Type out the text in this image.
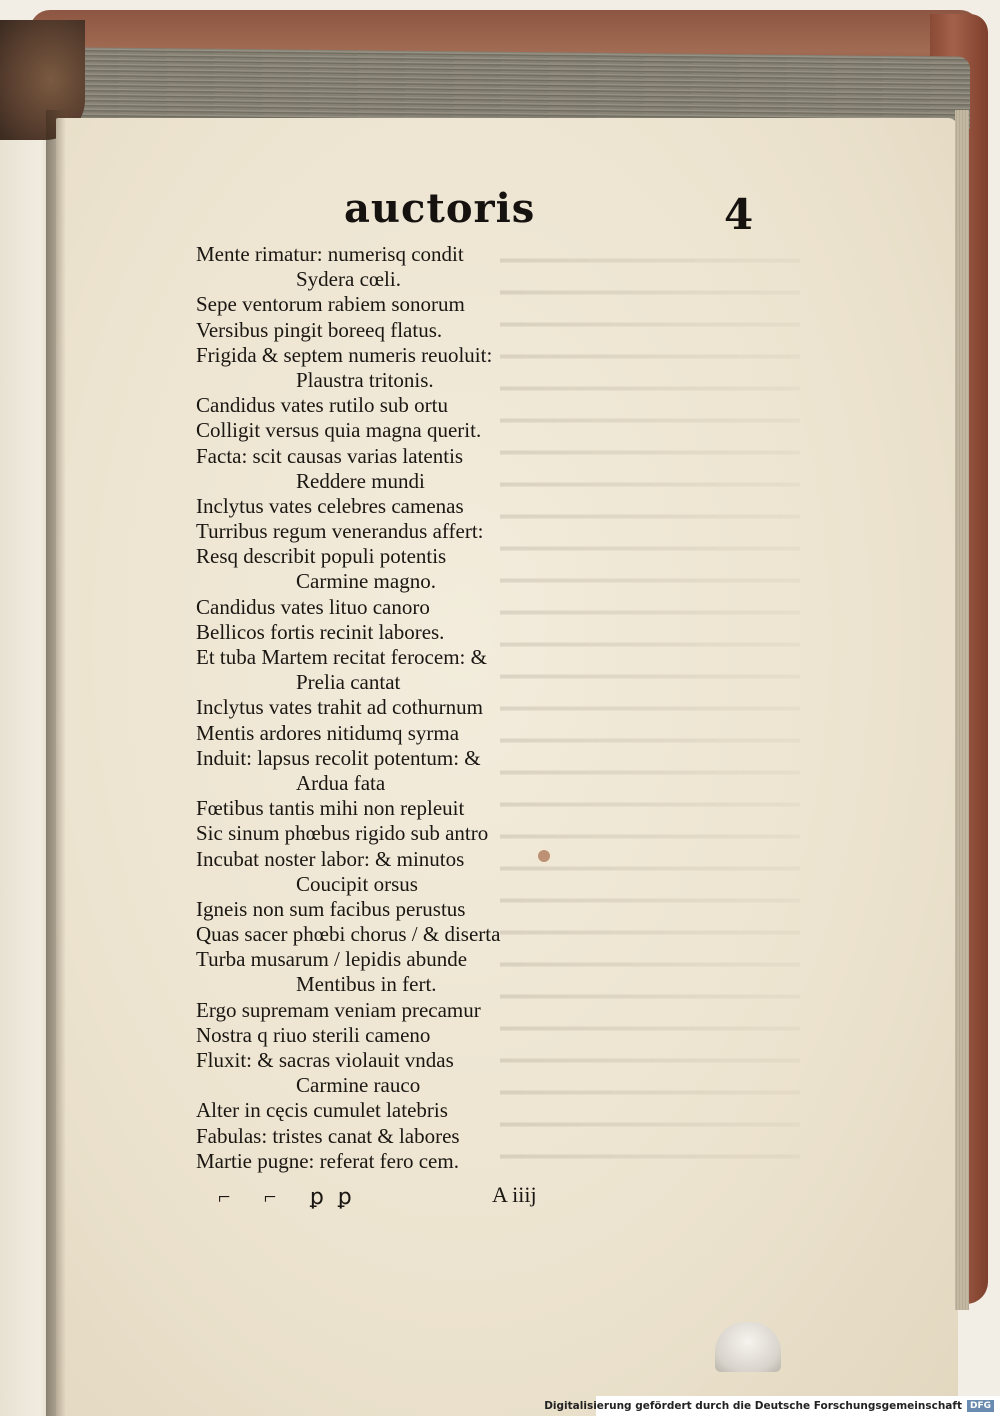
auctoris	4
Mente rimatur: numerisq condit
Sydera cœli.
Sepe ventorum rabiem sonorum
Versibus pingit boreeq flatus.
Frigida & septem numeris reuoluit:
Plaustra tritonis.
Candidus vates rutilo sub ortu
Colligit versus quia magna querit.
Facta: scit causas varias latentis
Reddere mundi
Inclytus vates celebres camenas
Turribus regum venerandus affert:
Resq describit populi potentis
Carmine magno.
Candidus vates lituo canoro
Bellicos fortis recinit labores.
Et tuba Martem recitat ferocem: &
Prelia cantat
Inclytus vates trahit ad cothurnum
Mentis ardores nitidumq syrma
Induit: lapsus recolit potentum: &
Ardua fata
Fœtibus tantis mihi non repleuit
Sic sinum phœbus rigido sub antro
Incubat noster labor: & minutos
Coucipit orsus
Igneis non sum facibus perustus
Quas sacer phœbi chorus / & diserta
Turba musarum / lepidis abunde
Mentibus in fert.
Ergo supremam veniam precamur
Nostra q riuo sterili cameno
Fluxit: & sacras violauit vndas
Carmine rauco
Alter in cęcis cumulet latebris
Fabulas: tristes canat & labores
Martie pugne: referat fero cem.
⌐ ⌐ ꝑꝑ	A iiij
Digitalisierung gefördert durch die Deutsche Forschungsgemeinschaft DFG
